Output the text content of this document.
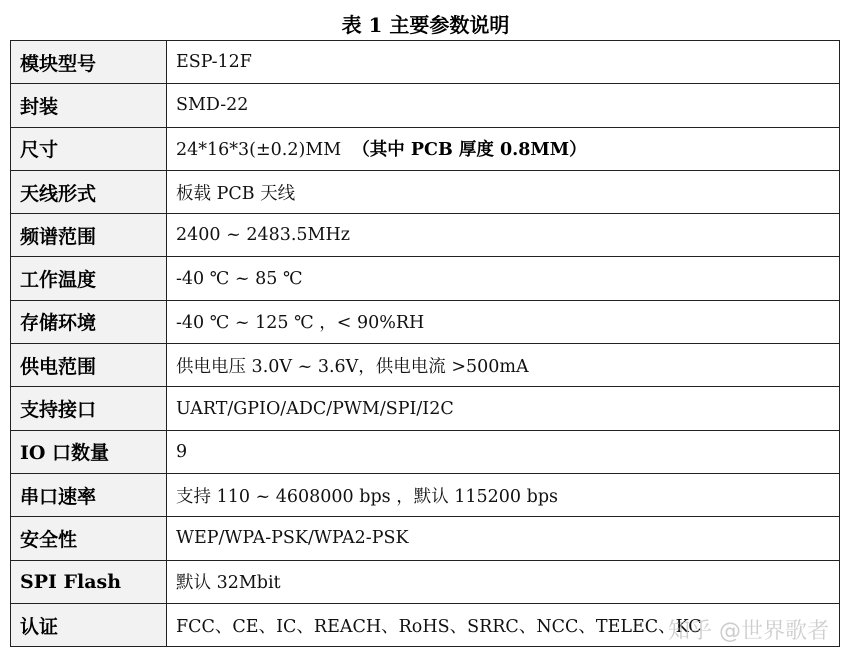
表 1 主要参数说明
模块型号	ESP-12F
封装	SMD-22
尺寸	24*16*3(±0.2)MM （其中 PCB 厚度 0.8MM）
天线形式	板载 PCB 天线
频谱范围	2400 ~ 2483.5MHz
工作温度	-40 ℃ ~ 85 ℃
存储环境	-40 ℃ ~ 125 ℃ ，< 90%RH
供电范围	供电电压 3.0V ~ 3.6V，供电电流 >500mA
支持接口	UART/GPIO/ADC/PWM/SPI/I2C
IO 口数量	9
串口速率	支持 110 ~ 4608000 bps ，默认 115200 bps
安全性	WEP/WPA-PSK/WPA2-PSK
SPI Flash	默认 32Mbit
认证	FCC、CE、IC、REACH、RoHS、SRRC、NCC、TELEC、KC
知乎 @世界歌者
